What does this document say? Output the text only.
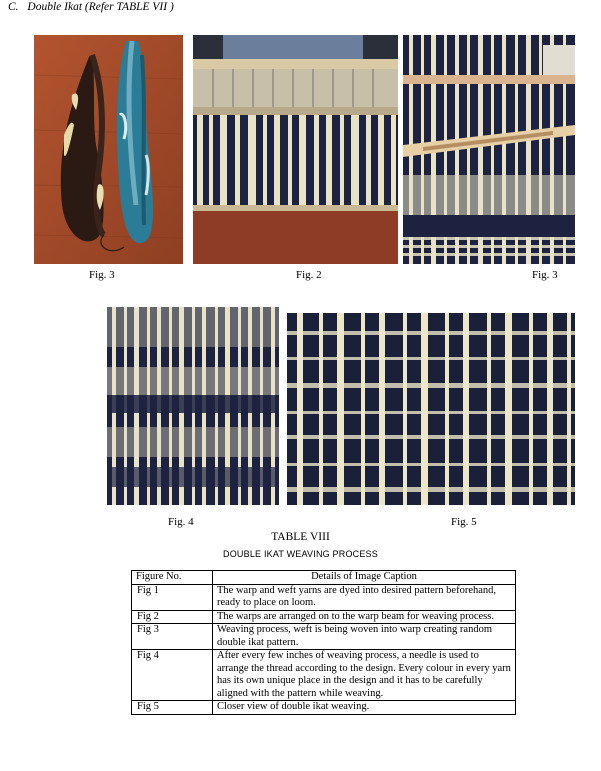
C. Double Ikat (Refer TABLE VII )
Fig. 3	Fig. 2	Fig. 3
Fig. 4	Fig. 5
TABLE VIII
DOUBLE IKAT WEAVING PROCESS
Figure No.	Details of Image Caption
Fig 1	The warp and weft yarns are dyed into desired pattern beforehand, ready to place on loom.
Fig 2	The warps are arranged on to the warp beam for weaving process.
Fig 3	Weaving process, weft is being woven into warp creating random double ikat pattern.
Fig 4	After every few inches of weaving process, a needle is used to arrange the thread according to the design. Every colour in every yarn has its own unique place in the design and it has to be carefully aligned with the pattern while weaving.
Fig 5	Closer view of double ikat weaving.
